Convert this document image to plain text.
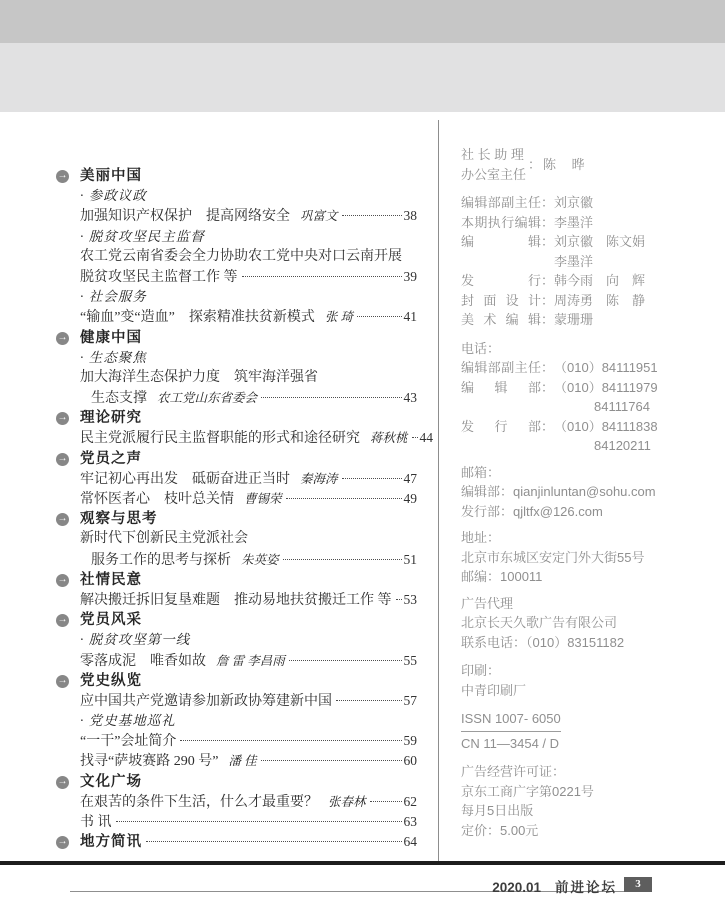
→
美丽中国
· 参政议政
加强知识产权保护　提高网络安全 巩富文	38
· 脱贫攻坚民主监督
农工党云南省委会全力协助农工党中央对口云南开展
脱贫攻坚民主监督工作 等	39
· 社会服务
“输血”变“造血”　探索精准扶贫新模式 张 琦	41
→
健康中国
· 生态聚焦
加大海洋生态保护力度　筑牢海洋强省
生态支撑 农工党山东省委会	43
→
理论研究
民主党派履行民主监督职能的形式和途径研究 蒋秋桃 44
→
党员之声
牢记初心再出发　砥砺奋进正当时 秦海涛	47
常怀医者心　枝叶总关情 曹锡荣	49
→
观察与思考
新时代下创新民主党派社会
服务工作的思考与探析 朱英姿	51
→
社情民意
解决搬迁拆旧复垦难题　推动易地扶贫搬迁工作 等 53
→
党员风采
· 脱贫攻坚第一线
零落成泥　唯香如故 詹 雷 李昌雨	55
→
党史纵览
应中国共产党邀请参加新政协筹建新中国	57
· 党史基地巡礼
“一干”会址简介	59
找寻“萨坡赛路 290 号” 潘 佳	60
→
文化广场
在艰苦的条件下生活，什么才最重要？ 张春林	62
书 讯	63
→
地方简讯	64
社 长 助 理
办公室主任
： 陈 晔
编辑部副主任 ： 刘京徽
本期执行编辑 ： 李墨洋
编辑 ： 刘京徽　陈文娟
李墨洋
发行 ： 韩今雨　向　辉
封面设计 ： 周涛勇　陈　静
美术编辑 ： 蒙珊珊
电话：
编辑部副主任 ： （010）84111951
编辑部 ： （010）84111979
84111764
发行部 ： （010）84111838
84120211
邮箱：
编辑部： qianjinluntan@sohu.com
发行部： qjltfx@126.com
地址：
北京市东城区安定门外大街55号
邮编：100011
广告代理
北京长天久歌广告有限公司
联系电话：（010）83151182
印刷：
中青印刷厂
ISSN 1007- 6050
CN 11—3454 / D
广告经营许可证：
京东工商广字第0221号
每月5日出版
定价：5.00元
2020.01 前进论坛	3
